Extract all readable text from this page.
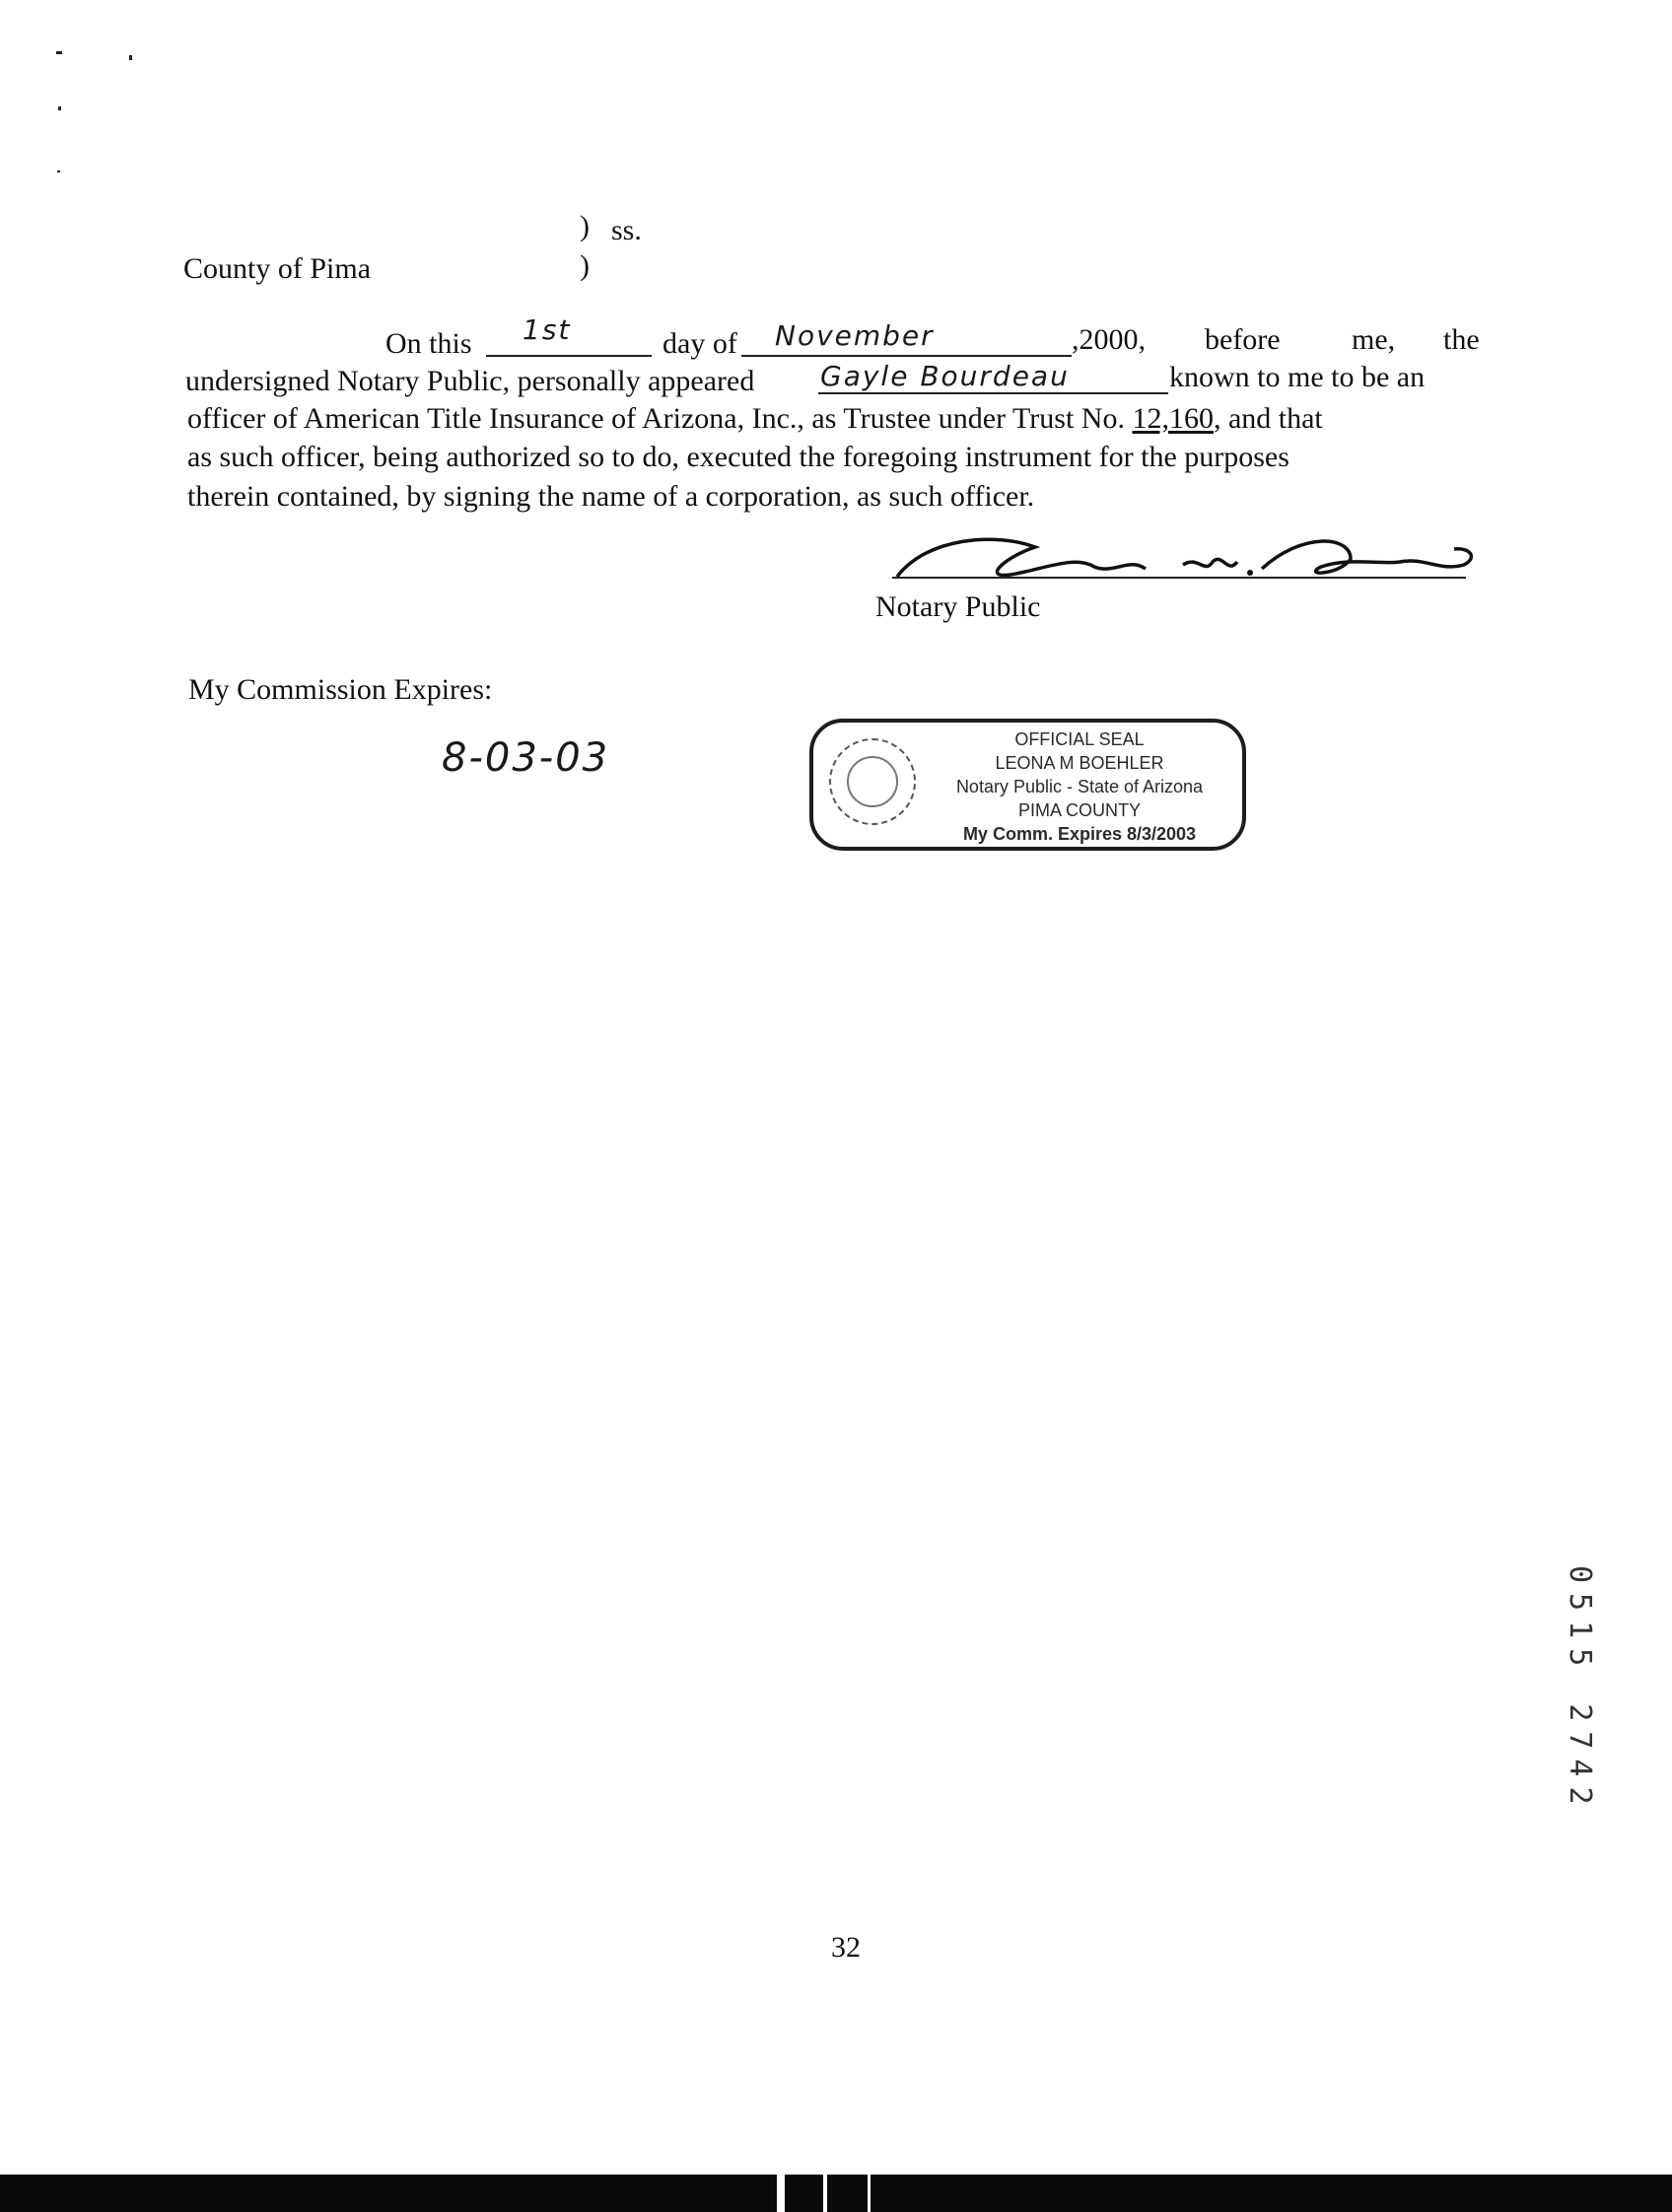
) ss.
County of Pima	)
On this 1st	day of November	,2000, before me, the
undersigned Notary Public, personally appeared Gayle Bourdeau	known to me to be an
officer of American Title Insurance of Arizona, Inc., as Trustee under Trust No. 12,160, and that
as such officer, being authorized so to do, executed the foregoing instrument for the purposes
therein contained, by signing the name of a corporation, as such officer.
Notary Public
My Commission Expires:
8-03-03	OFFICIAL SEAL
LEONA M BOEHLER
Notary Public - State of Arizona
PIMA COUNTY
My Comm. Expires 8/3/2003
0515 2742
32
